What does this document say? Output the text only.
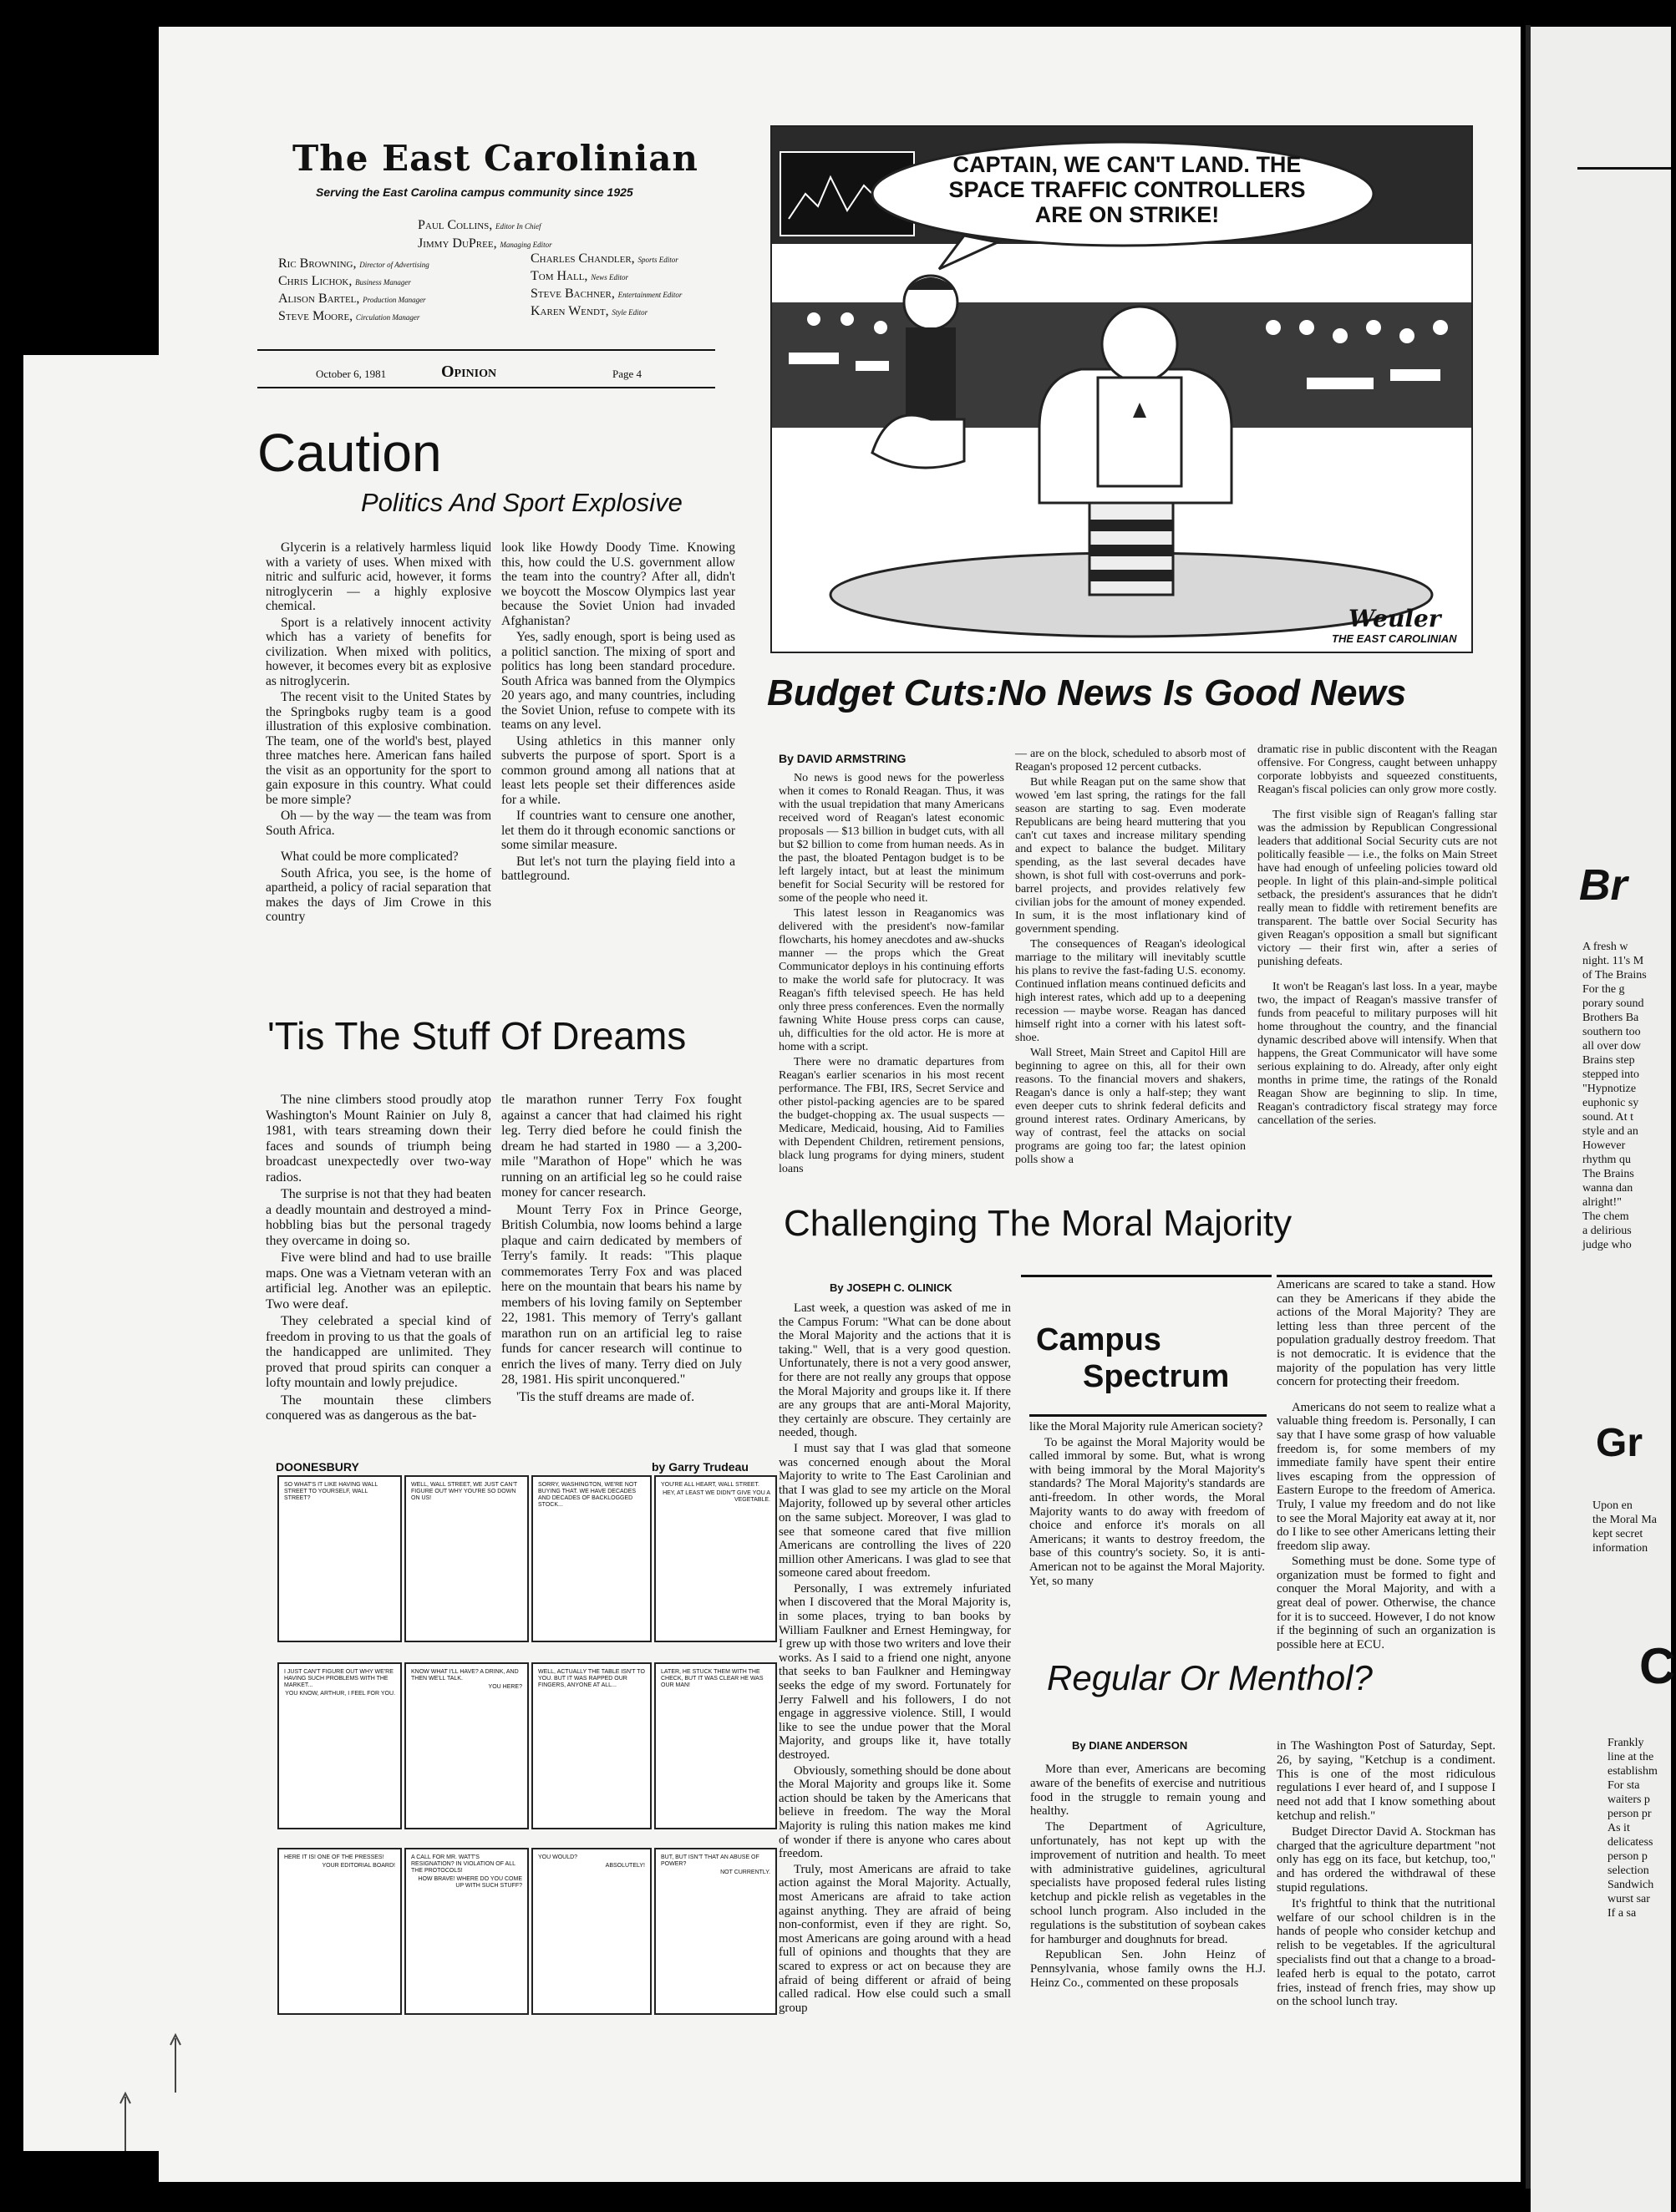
The East Carolinian
Serving the East Carolina campus community since 1925
Paul Collins, Editor In Chief
Jimmy DuPree, Managing Editor
Ric Browning, Director of Advertising
Chris Lichok, Business Manager
Alison Bartel, Production Manager
Steve Moore, Circulation Manager
Charles Chandler, Sports Editor
Tom Hall, News Editor
Steve Bachner, Entertainment Editor
Karen Wendt, Style Editor
October 6, 1981	Opinion	Page 4
CAPTAIN, WE CAN'T LAND. THE SPACE TRAFFIC CONTROLLERS ARE ON STRIKE!
Weuler
THE EAST CAROLINIAN
Caution
Politics And Sport Explosive

Glycerin is a relatively harmless liquid with a variety of uses. When mixed with nitric and sulfuric acid, however, it forms nitroglycerin — a highly explosive chemical.

Sport is a relatively innocent activity which has a variety of benefits for civilization. When mixed with politics, however, it becomes every bit as explosive as nitroglycerin.

The recent visit to the United States by the Springboks rugby team is a good illustration of this explosive combination. The team, one of the world's best, played three matches here. American fans hailed the visit as an opportunity for the sport to gain exposure in this country. What could be more simple?

Oh — by the way — the team was from South Africa.

What could be more complicated?

South Africa, you see, is the home of apartheid, a policy of racial separation that makes the days of Jim Crowe in this country

look like Howdy Doody Time. Knowing this, how could the U.S. government allow the team into the country? After all, didn't we boycott the Moscow Olympics last year because the Soviet Union had invaded Afghanistan?

Yes, sadly enough, sport is being used as a politicl sanction. The mixing of sport and politics has long been standard procedure. South Africa was banned from the Olympics 20 years ago, and many countries, including the Soviet Union, refuse to compete with its teams on any level.

Using athletics in this manner only subverts the purpose of sport. Sport is a common ground among all nations that at least lets people set their differences aside for a while.

If countries want to censure one another, let them do it through economic sanctions or some similar measure.

But let's not turn the playing field into a battleground.

'Tis The Stuff Of Dreams

The nine climbers stood proudly atop Washington's Mount Rainier on July 8, 1981, with tears streaming down their faces and sounds of triumph being broadcast unexpectedly over two-way radios.

The surprise is not that they had beaten a deadly mountain and destroyed a mind-hobbling bias but the personal tragedy they overcame in doing so.

Five were blind and had to use braille maps. One was a Vietnam veteran with an artificial leg. Another was an epileptic. Two were deaf.

They celebrated a special kind of freedom in proving to us that the goals of the handicapped are unlimited. They proved that proud spirits can conquer a lofty mountain and lowly prejudice.

The mountain these climbers conquered was as dangerous as the bat-

tle marathon runner Terry Fox fought against a cancer that had claimed his right leg. Terry died before he could finish the dream he had started in 1980 — a 3,200-mile "Marathon of Hope" which he was running on an artificial leg so he could raise money for cancer research.

Mount Terry Fox in Prince George, British Columbia, now looms behind a large plaque and cairn dedicated by members of Terry's family. It reads: "This plaque commemorates Terry Fox and was placed here on the mountain that bears his name by members of his loving family on September 22, 1981. This memory of Terry's gallant marathon run on an artificial leg to raise funds for cancer research will continue to enrich the lives of many. Terry died on July 28, 1981. His spirit unconquered."

'Tis the stuff dreams are made of.

DOONESBURY	by Garry Trudeau
SO WHAT'S IT LIKE HAVING WALL STREET TO YOURSELF, WALL STREET?
WELL, WALL STREET, WE JUST CAN'T FIGURE OUT WHY YOU'RE SO DOWN ON US!
SORRY, WASHINGTON, WE'RE NOT BUYING THAT. WE HAVE DECADES AND DECADES OF BACKLOGGED STOCK...
YOU'RE ALL HEART, WALL STREET.
HEY, AT LEAST WE DIDN'T GIVE YOU A VEGETABLE.
I JUST CAN'T FIGURE OUT WHY WE'RE HAVING SUCH PROBLEMS WITH THE MARKET...
YOU KNOW, ARTHUR, I FEEL FOR YOU.
KNOW WHAT I'LL HAVE? A DRINK, AND THEN WE'LL TALK.
YOU HERE?
WELL, ACTUALLY THE TABLE ISN'T TO YOU. BUT IT WAS RAPPED OUR FINGERS, ANYONE AT ALL...
LATER, HE STUCK THEM WITH THE CHECK, BUT IT WAS CLEAR HE WAS OUR MAN!
HERE IT IS! ONE OF THE PRESSES!
YOUR EDITORIAL BOARD!
A CALL FOR MR. WATT'S RESIGNATION? IN VIOLATION OF ALL THE PROTOCOLS!
HOW BRAVE! WHERE DO YOU COME UP WITH SUCH STUFF?
YOU WOULD?
ABSOLUTELY!
BUT, BUT ISN'T THAT AN ABUSE OF POWER?
NOT CURRENTLY.
Budget Cuts:No News Is Good News
By DAVID ARMSTRING

No news is good news for the powerless when it comes to Ronald Reagan. Thus, it was with the usual trepidation that many Americans received word of Reagan's latest economic proposals — $13 billion in budget cuts, with all but $2 billion to come from human needs. As in the past, the bloated Pentagon budget is to be left largely intact, but at least the minimum benefit for Social Security will be restored for some of the people who need it.

This latest lesson in Reaganomics was delivered with the president's now-familar flowcharts, his homey anecdotes and aw-shucks manner — the props which the Great Communicator deploys in his continuing efforts to make the world safe for plutocracy. It was Reagan's fifth televised speech. He has held only three press conferences. Even the normally fawning White House press corps can cause, uh, difficulties for the old actor. He is more at home with a script.

There were no dramatic departures from Reagan's earlier scenarios in his most recent performance. The FBI, IRS, Secret Service and other pistol-packing agencies are to be spared the budget-chopping ax. The usual suspects — Medicare, Medicaid, housing, Aid to Families with Dependent Children, retirement pensions, black lung programs for dying miners, student loans

— are on the block, scheduled to absorb most of Reagan's proposed 12 percent cutbacks.

But while Reagan put on the same show that wowed 'em last spring, the ratings for the fall season are starting to sag. Even moderate Republicans are being heard muttering that you can't cut taxes and increase military spending and expect to balance the budget. Military spending, as the last several decades have shown, is shot full with cost-overruns and pork-barrel projects, and provides relatively few civilian jobs for the amount of money expended. In sum, it is the most inflationary kind of government spending.

The consequences of Reagan's ideological marriage to the military will inevitably scuttle his plans to revive the fast-fading U.S. economy. Continued inflation means continued deficits and high interest rates, which add up to a deepening recession — maybe worse. Reagan has danced himself right into a corner with his latest soft-shoe.

Wall Street, Main Street and Capitol Hill are beginning to agree on this, all for their own reasons. To the financial movers and shakers, Reagan's dance is only a half-step; they want even deeper cuts to shrink federal deficits and ground interest rates. Ordinary Americans, by way of contrast, feel the attacks on social programs are going too far; the latest opinion polls show a

dramatic rise in public discontent with the Reagan offensive. For Congress, caught between unhappy corporate lobbyists and squeezed constituents, Reagan's fiscal policies can only grow more costly.

The first visible sign of Reagan's falling star was the admission by Republican Congressional leaders that additional Social Security cuts are not politically feasible — i.e., the folks on Main Street have had enough of unfeeling policies toward old people. In light of this plain-and-simple political setback, the president's assurances that he didn't really mean to fiddle with retirement benefits are transparent. The battle over Social Security has given Reagan's opposition a small but significant victory — their first win, after a series of punishing defeats.

It won't be Reagan's last loss. In a year, maybe two, the impact of Reagan's massive transfer of funds from peaceful to military purposes will hit home throughout the country, and the financial dynamic described above will intensify. When that happens, the Great Communicator will have some serious explaining to do. Already, after only eight months in prime time, the ratings of the Ronald Reagan Show are beginning to slip. In time, Reagan's contradictory fiscal strategy may force cancellation of the series.

Challenging The Moral Majority
By JOSEPH C. OLINICK

Last week, a question was asked of me in the Campus Forum: "What can be done about the Moral Majority and the actions that it is taking." Well, that is a very good question. Unfortunately, there is not a very good answer, for there are not really any groups that oppose the Moral Majority and groups like it. If there are any groups that are anti-Moral Majority, they certainly are obscure. They certainly are needed, though.

I must say that I was glad that someone was concerned enough about the Moral Majority to write to The East Carolinian and that I was glad to see my article on the Moral Majority, followed up by several other articles on the same subject. Moreover, I was glad to see that someone cared that five million Americans are controlling the lives of 220 million other Americans. I was glad to see that someone cared about freedom.

Personally, I was extremely infuriated when I discovered that the Moral Majority is, in some places, trying to ban books by William Faulkner and Ernest Hemingway, for I grew up with those two writers and love their works. As I said to a friend one night, anyone that seeks to ban Faulkner and Hemingway seeks the edge of my sword. Fortunately for Jerry Falwell and his followers, I do not engage in aggressive violence. Still, I would like to see the undue power that the Moral Majority, and groups like it, have totally destroyed.

Obviously, something should be done about the Moral Majority and groups like it. Some action should be taken by the Americans that believe in freedom. The way the Moral Majority is ruling this nation makes me kind of wonder if there is anyone who cares about freedom.

Truly, most Americans are afraid to take action against the Moral Majority. Actually, most Americans are afraid to take action against anything. They are afraid of being non-conformist, even if they are right. So, most Americans are going around with a head full of opinions and thoughts that they are scared to express or act on because they are afraid of being different or afraid of being called radical. How else could such a small group

Campus
Spectrum

like the Moral Majority rule American society?

To be against the Moral Majority would be called immoral by some. But, what is wrong with being immoral by the Moral Majority's standards? The Moral Majority's standards are anti-freedom. In other words, the Moral Majority wants to do away with freedom of choice and enforce it's morals on all Americans; it wants to destroy freedom, the base of this country's society. So, it is anti-American not to be against the Moral Majority. Yet, so many

Americans are scared to take a stand. How can they be Americans if they abide the actions of the Moral Majority? They are letting less than three percent of the population gradually destroy freedom. That is not democratic. It is evidence that the majority of the population has very little concern for protecting their freedom.

Americans do not seem to realize what a valuable thing freedom is. Personally, I can say that I have some grasp of how valuable freedom is, for some members of my immediate family have spent their entire lives escaping from the oppression of Eastern Europe to the freedom of America. Truly, I value my freedom and do not like to see the Moral Majority eat away at it, nor do I like to see other Americans letting their freedom slip away.

Something must be done. Some type of organization must be formed to fight and conquer the Moral Majority, and with a great deal of power. Otherwise, the chance for it is to succeed. However, I do not know if the beginning of such an organization is possible here at ECU.

Regular Or Menthol?
By DIANE ANDERSON

More than ever, Americans are becoming aware of the benefits of exercise and nutritious food in the struggle to remain young and healthy.

The Department of Agriculture, unfortunately, has not kept up with the improvement of nutrition and health. To meet with administrative guidelines, agricultural specialists have proposed federal rules listing ketchup and pickle relish as vegetables in the school lunch program. Also included in the regulations is the substitution of soybean cakes for hamburger and doughnuts for bread.

Republican Sen. John Heinz of Pennsylvania, whose family owns the H.J. Heinz Co., commented on these proposals

in The Washington Post of Saturday, Sept. 26, by saying, "Ketchup is a condiment. This is one of the most ridiculous regulations I ever heard of, and I suppose I need not add that I know something about ketchup and relish."

Budget Director David A. Stockman has charged that the agriculture department "not only has egg on its face, but ketchup, too," and has ordered the withdrawal of these stupid regulations.

It's frightful to think that the nutritional welfare of our school children is in the hands of people who consider ketchup and relish to be vegetables. If the agricultural specialists find out that a change to a broad-leafed herb is equal to the potato, carrot fries, instead of french fries, may show up on the school lunch tray.

Br
A fresh w
night. 11's M
of The Brains
For the g
porary sound
Brothers Ba
southern too
all over dow
Brains step
stepped into
"Hypnotize
euphonic sy
sound. At t
style and an
However
rhythm qu
The Brains
wanna dan
alright!"
The chem
a delirious
judge who
Gr
Upon en
the Moral Ma
kept secret
information
C
Frankly
line at the
establishm
For sta
waiters p
person pr
As it
delicatess
person p
selection
Sandwich
wurst sar
If a sa
